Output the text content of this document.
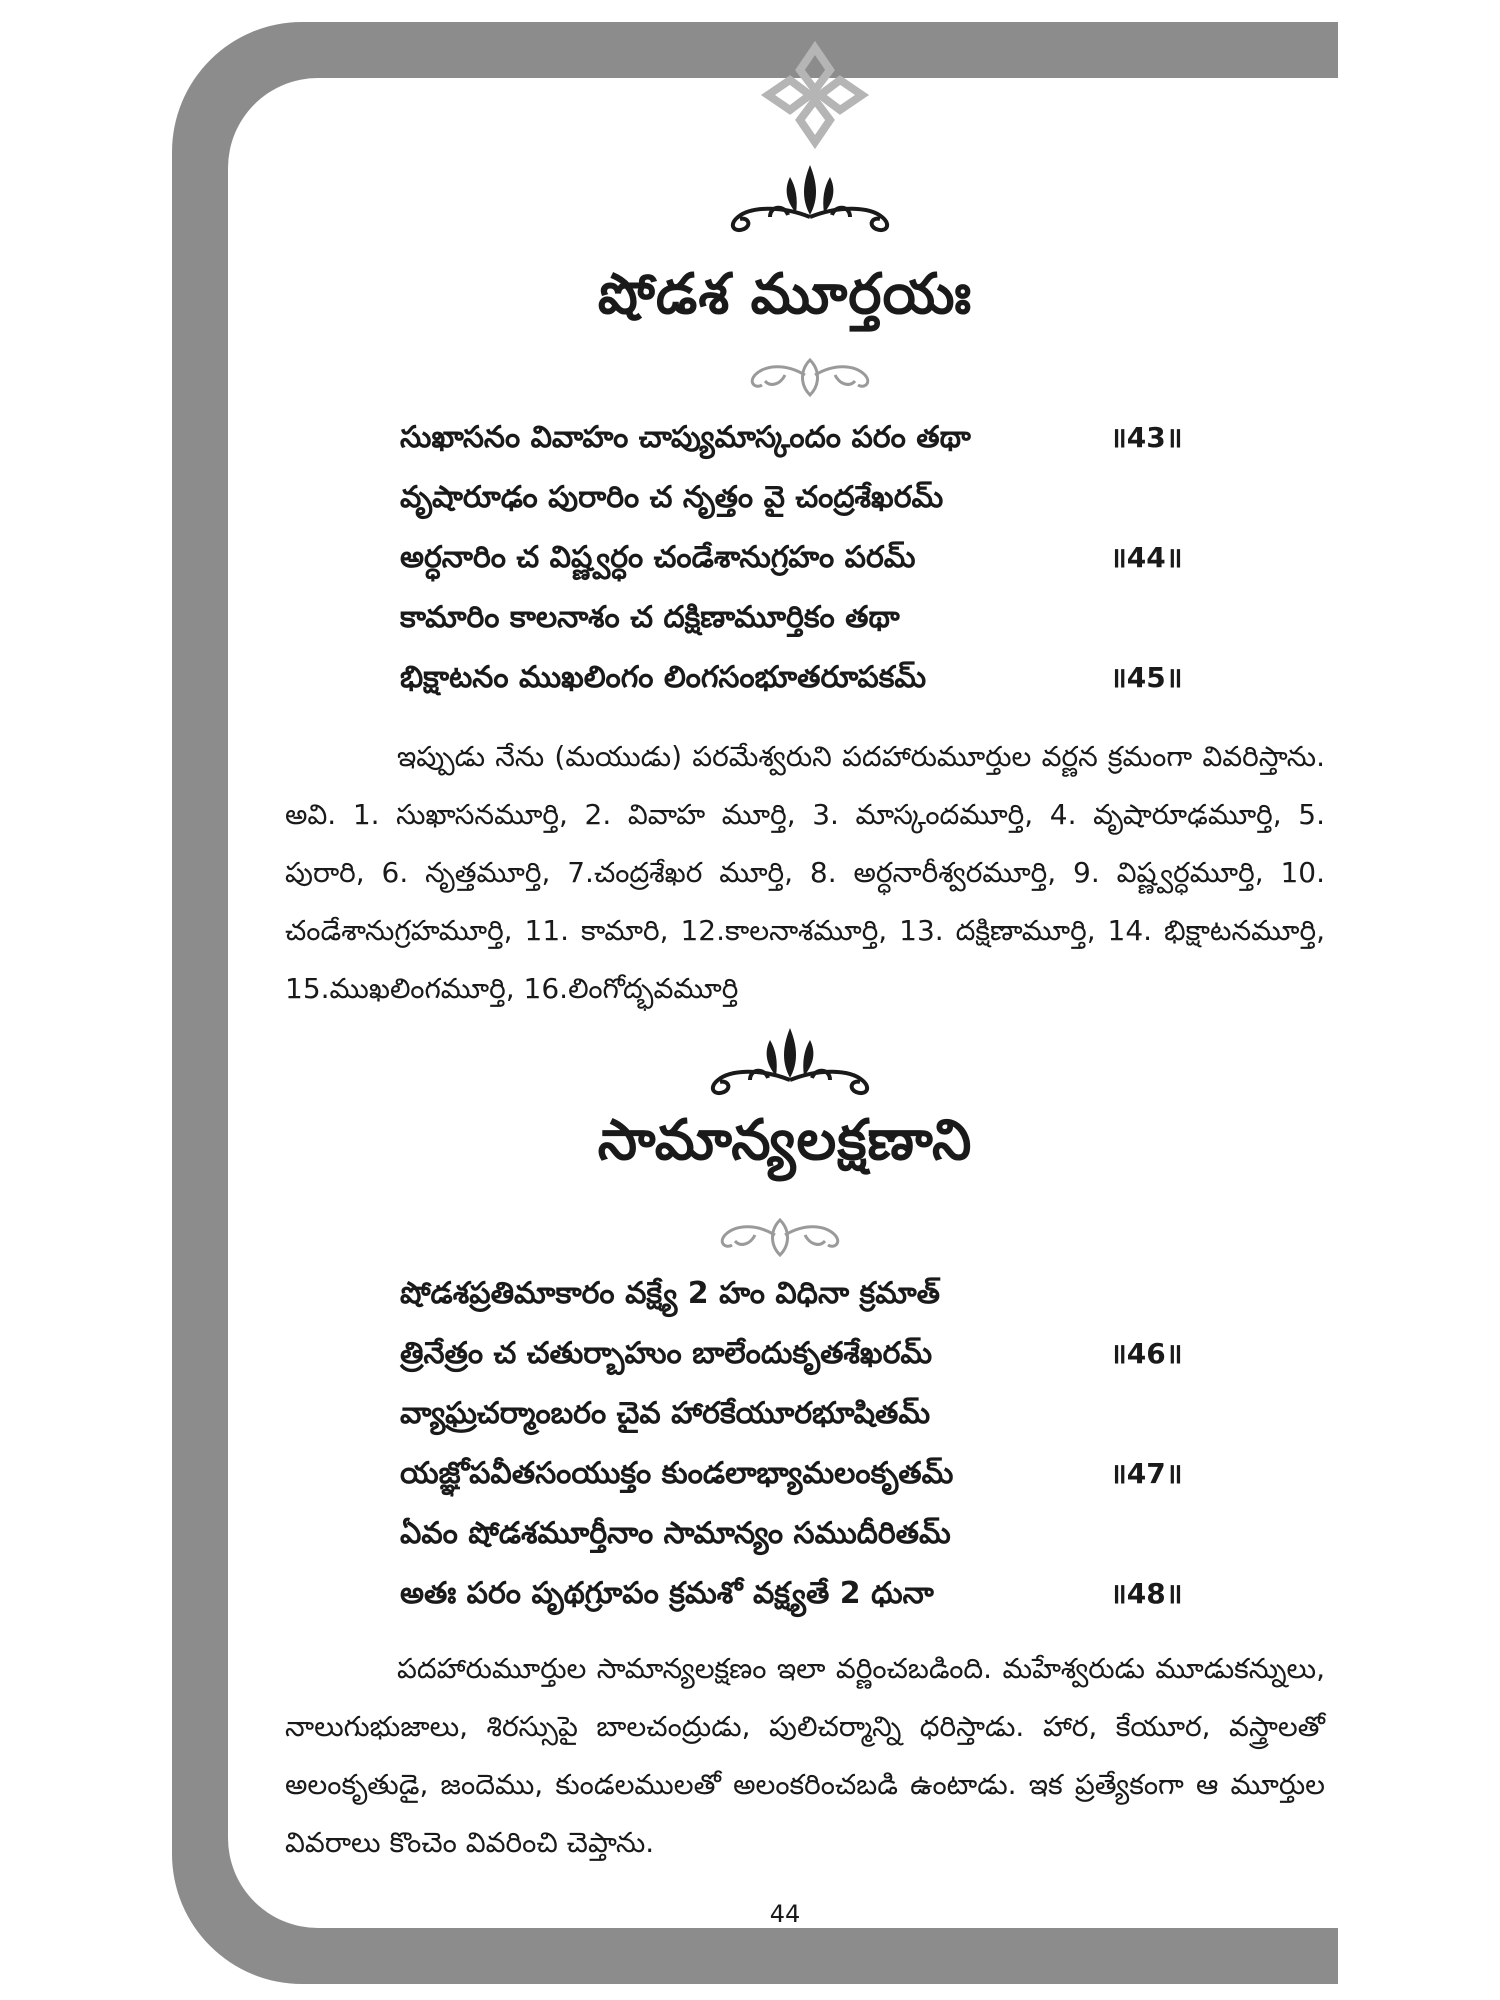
షోడశ మూర్తయః
సుఖాసనం వివాహం చాప్యుమాస్కందం పరం తథా	॥43॥
వృషారూఢం పురారిం చ నృత్తం వై చంద్రశేఖరమ్
అర్ధనారిం చ విష్ణ్వర్ధం చండేశానుగ్రహం పరమ్	॥44॥
కామారిం కాలనాశం చ దక్షిణామూర్తికం తథా
భిక్షాటనం ముఖలింగం లింగసంభూతరూపకమ్	॥45॥

ఇప్పుడు నేను (మయుడు) పరమేశ్వరుని పదహారుమూర్తుల వర్ణన క్రమంగా వివరిస్తాను. అవి. 1. సుఖాసనమూర్తి, 2. వివాహ మూర్తి, 3. మాస్కందమూర్తి, 4. వృషారూఢమూర్తి, 5. పురారి, 6. నృత్తమూర్తి, 7.చంద్రశేఖర మూర్తి, 8. అర్ధనారీశ్వరమూర్తి, 9. విష్ణ్వర్ధమూర్తి, 10. చండేశానుగ్రహమూర్తి, 11. కామారి, 12.కాలనాశమూర్తి, 13. దక్షిణామూర్తి, 14. భిక్షాటనమూర్తి, 15.ముఖలింగమూర్తి, 16.లింగోద్భవమూర్తి

సామాన్యలక్షణాని
షోడశప్రతిమాకారం వక్ష్యే 2 హం విధినా క్రమాత్
త్రినేత్రం చ చతుర్బాహుం బాలేందుకృతశేఖరమ్	॥46॥
వ్యాఘ్రచర్మాంబరం చైవ హారకేయూరభూషితమ్
యజ్ఞోపవీతసంయుక్తం కుండలాభ్యామలంకృతమ్	॥47॥
ఏవం షోడశమూర్తీనాం సామాన్యం సముదీరితమ్
అతః పరం పృథగ్రూపం క్రమశో వక్ష్యతే 2 ధునా	॥48॥

పదహారుమూర్తుల సామాన్యలక్షణం ఇలా వర్ణించబడింది. మహేశ్వరుడు మూడుకన్నులు, నాలుగుభుజాలు, శిరస్సుపై బాలచంద్రుడు, పులిచర్మాన్ని ధరిస్తాడు. హార, కేయూర, వస్త్రాలతో అలంకృతుడై, జందెము, కుండలములతో అలంకరించబడి ఉంటాడు. ఇక ప్రత్యేకంగా ఆ మూర్తుల వివరాలు కొంచెం వివరించి చెప్తాను.

44
